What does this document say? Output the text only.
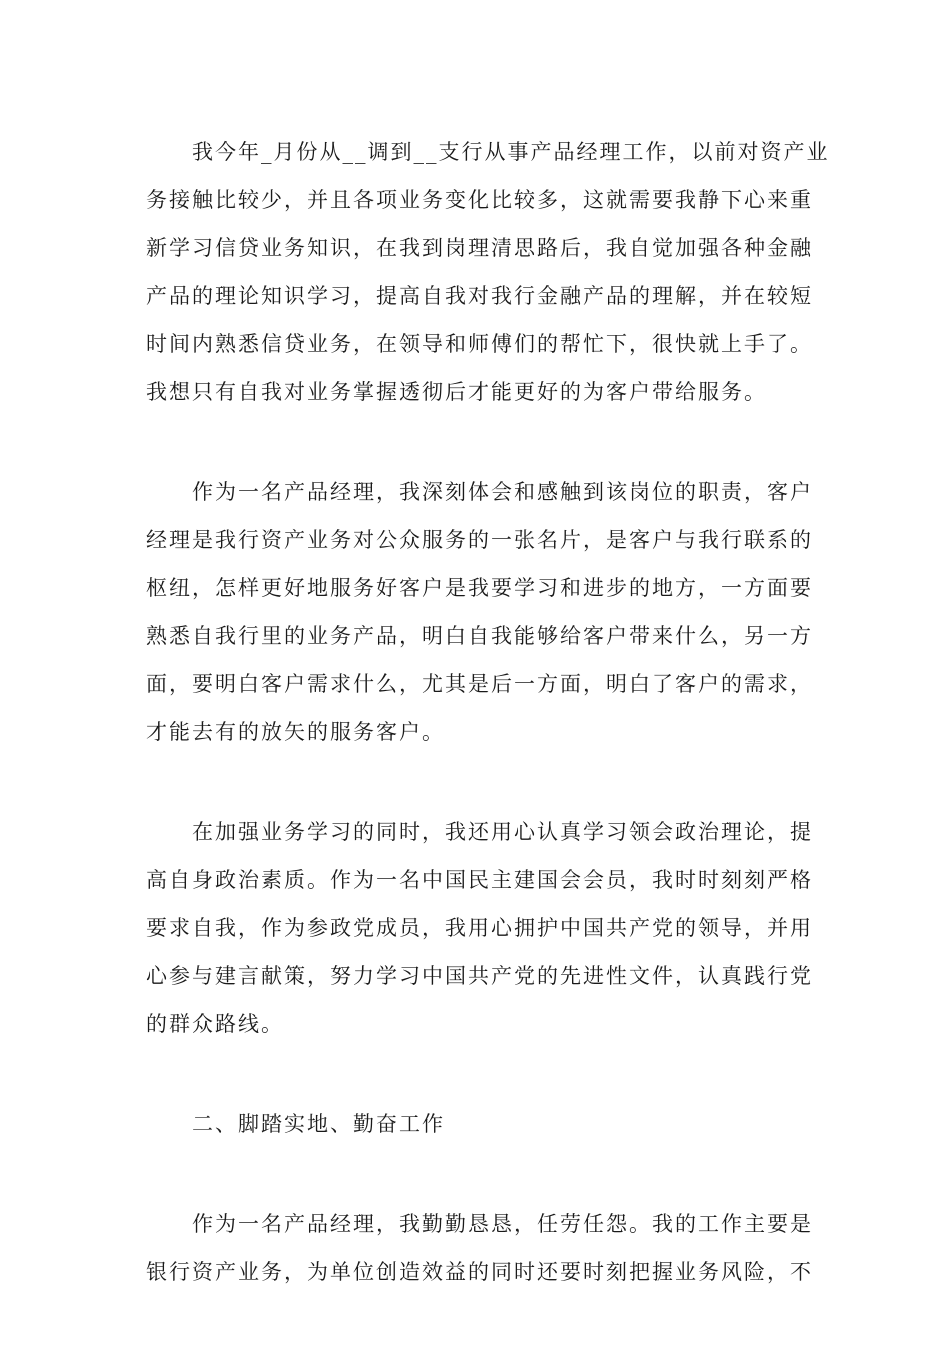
我今年_月份从__调到__支行从事产品经理工作，以前对资产业
务接触比较少，并且各项业务变化比较多，这就需要我静下心来重
新学习信贷业务知识，在我到岗理清思路后，我自觉加强各种金融
产品的理论知识学习，提高自我对我行金融产品的理解，并在较短
时间内熟悉信贷业务，在领导和师傅们的帮忙下，很快就上手了。
我想只有自我对业务掌握透彻后才能更好的为客户带给服务。
作为一名产品经理，我深刻体会和感触到该岗位的职责，客户
经理是我行资产业务对公众服务的一张名片，是客户与我行联系的
枢纽，怎样更好地服务好客户是我要学习和进步的地方，一方面要
熟悉自我行里的业务产品，明白自我能够给客户带来什么，另一方
面，要明白客户需求什么，尤其是后一方面，明白了客户的需求，
才能去有的放矢的服务客户。
在加强业务学习的同时，我还用心认真学习领会政治理论，提
高自身政治素质。作为一名中国民主建国会会员，我时时刻刻严格
要求自我，作为参政党成员，我用心拥护中国共产党的领导，并用
心参与建言献策，努力学习中国共产党的先进性文件，认真践行党
的群众路线。
二、脚踏实地、勤奋工作
作为一名产品经理，我勤勤恳恳，任劳任怨。我的工作主要是
银行资产业务，为单位创造效益的同时还要时刻把握业务风险，不
